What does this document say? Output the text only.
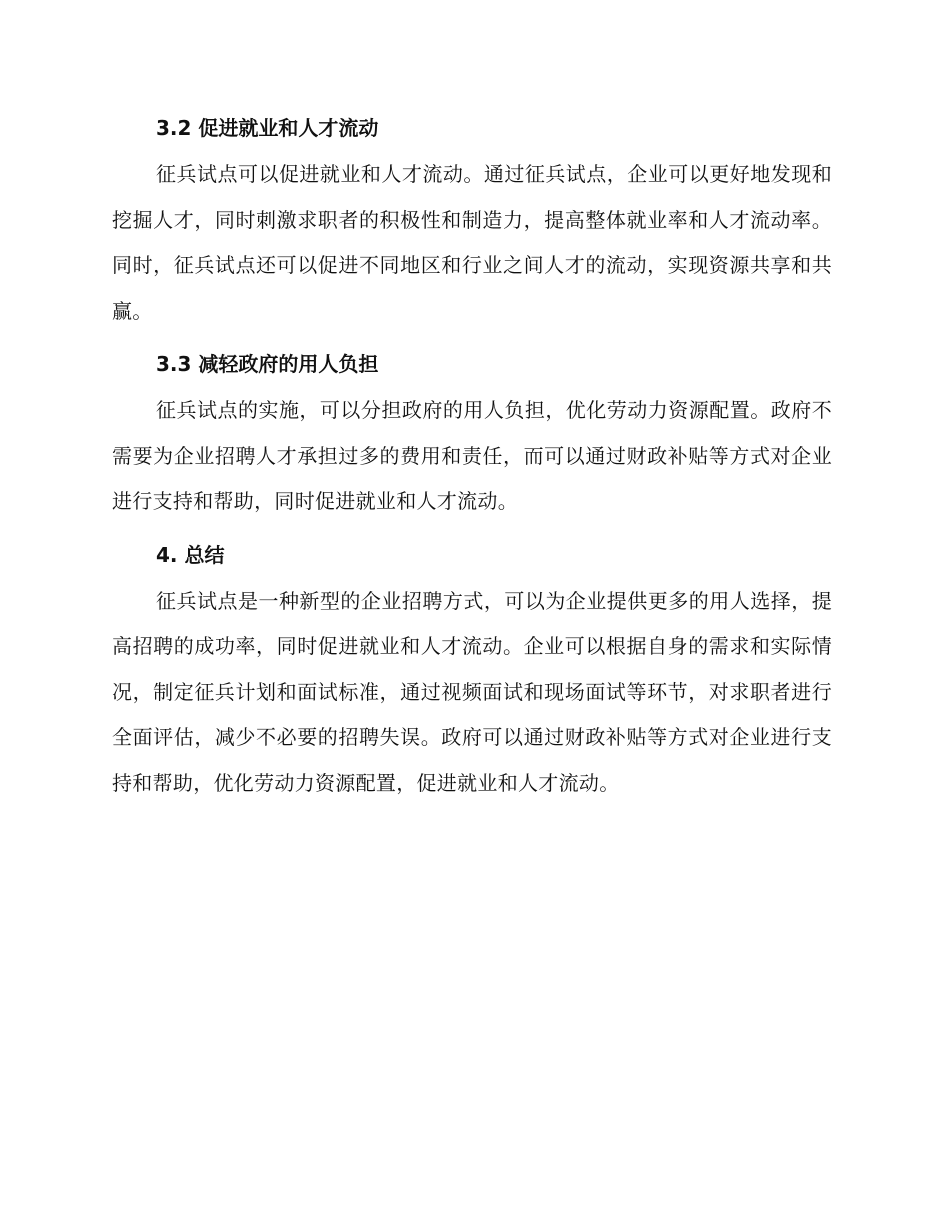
3.2 促进就业和人才流动

征兵试点可以促进就业和人才流动。通过征兵试点，企业可以更好地发现和挖掘人才，同时刺激求职者的积极性和制造力，提高整体就业率和人才流动率。同时，征兵试点还可以促进不同地区和行业之间人才的流动，实现资源共享和共赢。

3.3 减轻政府的用人负担

征兵试点的实施，可以分担政府的用人负担，优化劳动力资源配置。政府不需要为企业招聘人才承担过多的费用和责任，而可以通过财政补贴等方式对企业进行支持和帮助，同时促进就业和人才流动。

4. 总结

征兵试点是一种新型的企业招聘方式，可以为企业提供更多的用人选择，提高招聘的成功率，同时促进就业和人才流动。企业可以根据自身的需求和实际情况，制定征兵计划和面试标准，通过视频面试和现场面试等环节，对求职者进行全面评估，减少不必要的招聘失误。政府可以通过财政补贴等方式对企业进行支持和帮助，优化劳动力资源配置，促进就业和人才流动。
